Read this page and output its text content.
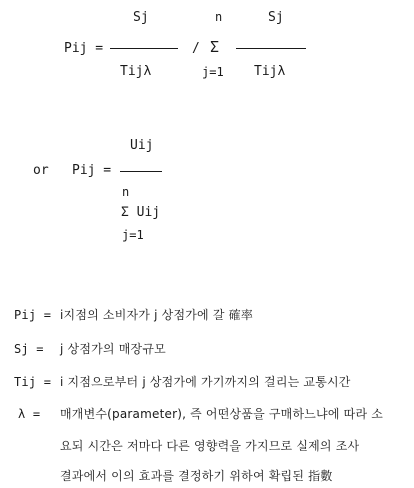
Pij =
Sj
Tijλ
/
n
Σ
j=1
Sj
Tijλ
or Pij =
Uij
n
Σ Uij
j=1
Pij = i지점의 소비자가 j 상점가에 갈 確率
Sj = j 상점가의 매장규모
Tij = i 지점으로부터 j 상점가에 가기까지의 걸리는 교통시간
λ = 매개변수(parameter), 즉 어떤상품을 구매하느냐에 따라 소
요되 시간은 저마다 다른 영향력을 가지므로 실제의 조사
결과에서 이의 효과를 결정하기 위하여 확립된 指數
